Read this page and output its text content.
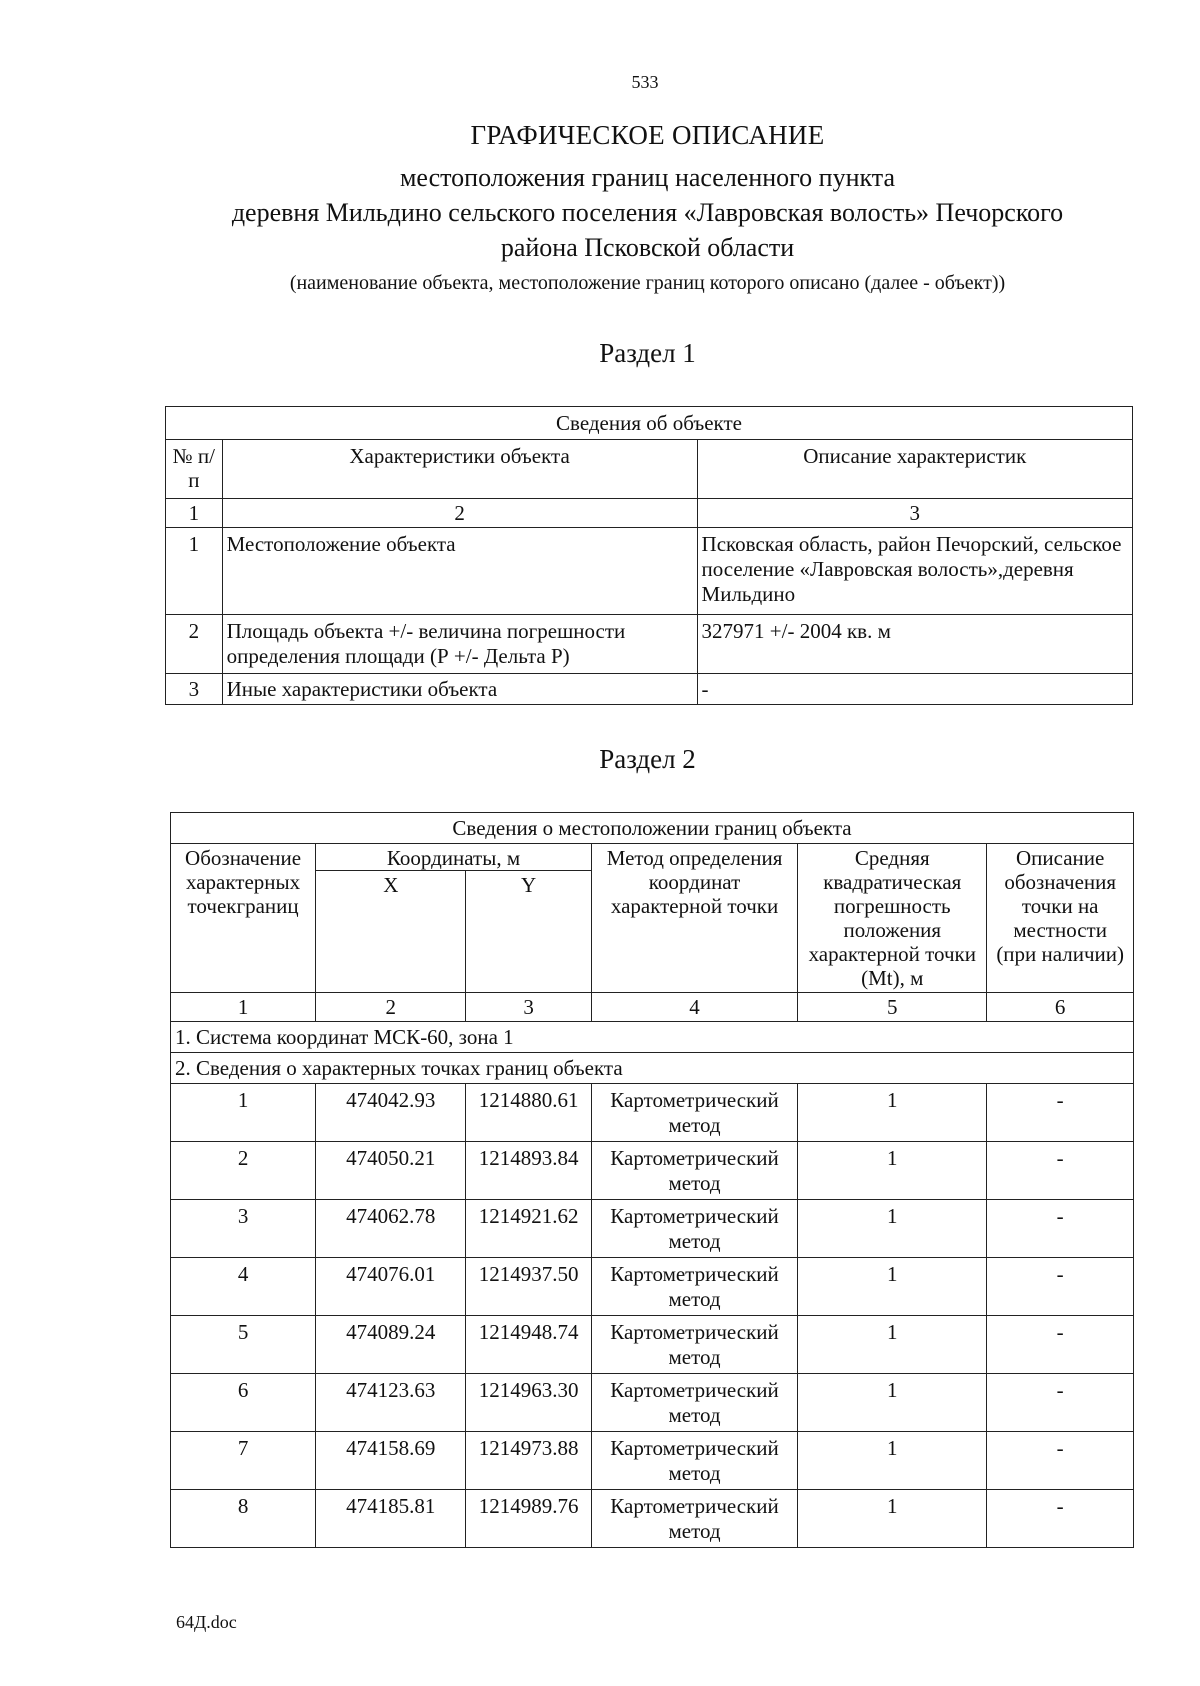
533
ГРАФИЧЕСКОЕ ОПИСАНИЕ
местоположения границ населенного пункта
деревня Мильдино сельского поселения «Лавровская волость» Печорского
района Псковской области
(наименование объекта, местоположение границ которого описано (далее - объект))
Раздел 1
Сведения об объекте		
№ п/п	Характеристики объекта	Описание характеристик
1	2	3
1	Местоположение объекта	Псковская область, район Печорский, сельское поселение «Лавровская волость»,деревня Мильдино
2	Площадь объекта +/- величина погрешности определения площади (Р +/- Дельта Р)	327971 +/- 2004 кв. м
3	Иные характеристики объекта	-
Раздел 2
Сведения о местоположении границ объекта					
Обозначение характерных точекграниц	Координаты, м		Метод определения координат характерной точки	Средняя квадратическая погрешность положения характерной точки (Mt), м	Описание обозначения точки на местности (при наличии)
	X	Y			
1	2	3	4	5	6
1. Система координат МСК-60, зона 1					
2. Сведения о характерных точках границ объекта					
1	474042.93	1214880.61	Картометрический метод	1	-
2	474050.21	1214893.84	Картометрический метод	1	-
3	474062.78	1214921.62	Картометрический метод	1	-
4	474076.01	1214937.50	Картометрический метод	1	-
5	474089.24	1214948.74	Картометрический метод	1	-
6	474123.63	1214963.30	Картометрический метод	1	-
7	474158.69	1214973.88	Картометрический метод	1	-
8	474185.81	1214989.76	Картометрический метод	1	-
64Д.doc
